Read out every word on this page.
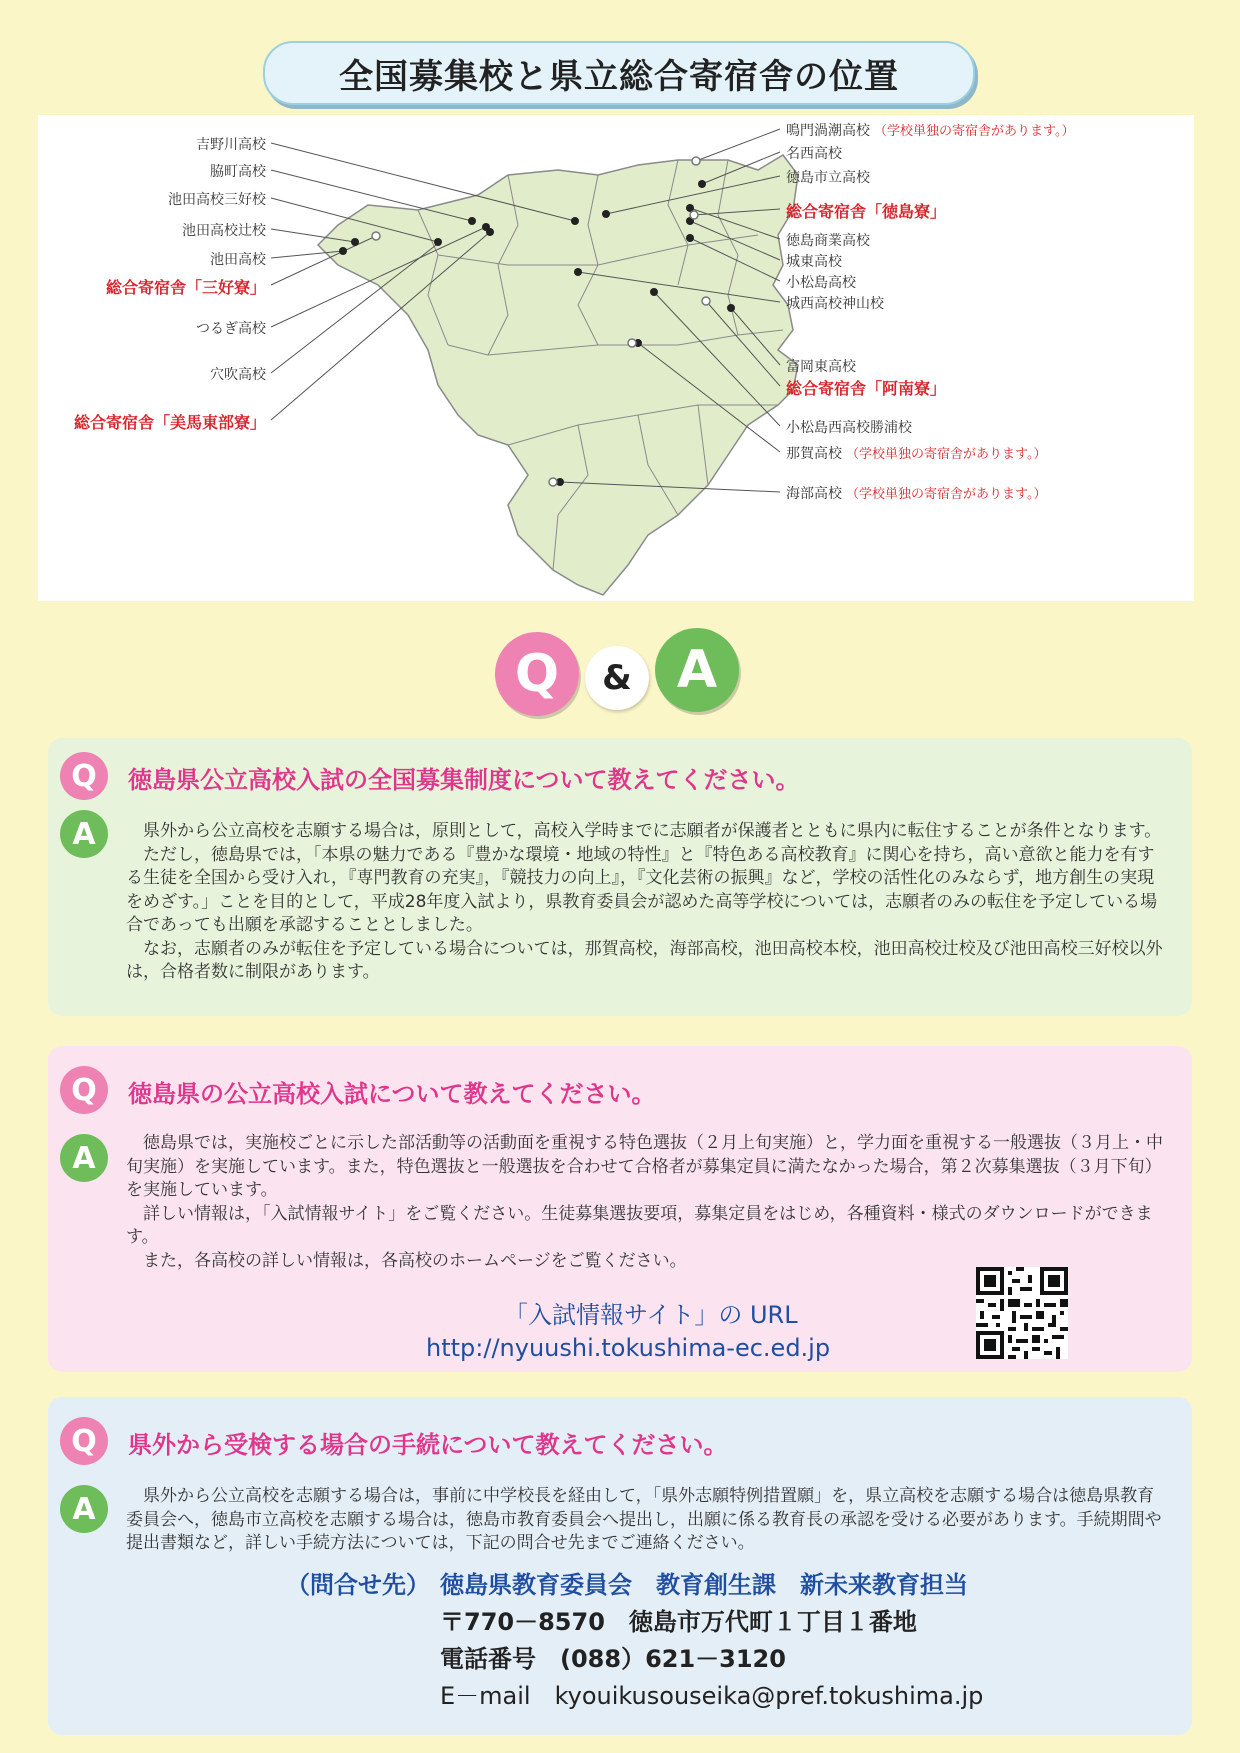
全国募集校と県立総合寄宿舎の位置
吉野川高校
脇町高校
池田高校三好校
池田高校辻校
池田高校
総合寄宿舎「三好寮」
つるぎ高校
穴吹高校
総合寄宿舎「美馬東部寮」
鳴門渦潮高校 （学校単独の寄宿舎があります。）
名西高校
徳島市立高校
総合寄宿舎「徳島寮」
徳島商業高校
城東高校
小松島高校
城西高校神山校
富岡東高校
総合寄宿舎「阿南寮」
小松島西高校勝浦校
那賀高校 （学校単独の寄宿舎があります。）
海部高校 （学校単独の寄宿舎があります。）
Q	& A
Q	徳島県公立高校入試の全国募集制度について教えてください。
A	県外から公立高校を志願する場合は，原則として，高校入学時までに志願者が保護者とともに県内に転住することが条件となります。

ただし，徳島県では，「本県の魅力である『豊かな環境・地域の特性』と『特色ある高校教育』に関心を持ち，高い意欲と能力を有する生徒を全国から受け入れ，『専門教育の充実』，『競技力の向上』，『文化芸術の振興』など，学校の活性化のみならず，地方創生の実現をめざす。」ことを目的として，平成28年度入試より，県教育委員会が認めた高等学校については，志願者のみの転住を予定している場合であっても出願を承認することとしました。

なお，志願者のみが転住を予定している場合については，那賀高校，海部高校，池田高校本校，池田高校辻校及び池田高校三好校以外は，合格者数に制限があります。

Q	徳島県の公立高校入試について教えてください。
A	徳島県では，実施校ごとに示した部活動等の活動面を重視する特色選抜（２月上旬実施）と，学力面を重視する一般選抜（３月上・中旬実施）を実施しています。また，特色選抜と一般選抜を合わせて合格者が募集定員に満たなかった場合，第２次募集選抜（３月下旬）を実施しています。

詳しい情報は，「入試情報サイト」をご覧ください。生徒募集選抜要項，募集定員をはじめ，各種資料・様式のダウンロードができます。

また，各高校の詳しい情報は，各高校のホームページをご覧ください。

「入試情報サイト」の URL
http://nyuushi.tokushima-ec.ed.jp
Q	県外から受検する場合の手続について教えてください。
A	県外から公立高校を志願する場合は，事前に中学校長を経由して，「県外志願特例措置願」を，県立高校を志願する場合は徳島県教育委員会へ，徳島市立高校を志願する場合は，徳島市教育委員会へ提出し，出願に係る教育長の承認を受ける必要があります。手続期間や提出書類など，詳しい手続方法については，下記の問合せ先までご連絡ください。

（問合せ先） 徳島県教育委員会　教育創生課　新未来教育担当
〒770－8570　徳島市万代町１丁目１番地
電話番号　(088）621－3120
E－mail　kyouikusouseika@pref.tokushima.jp
